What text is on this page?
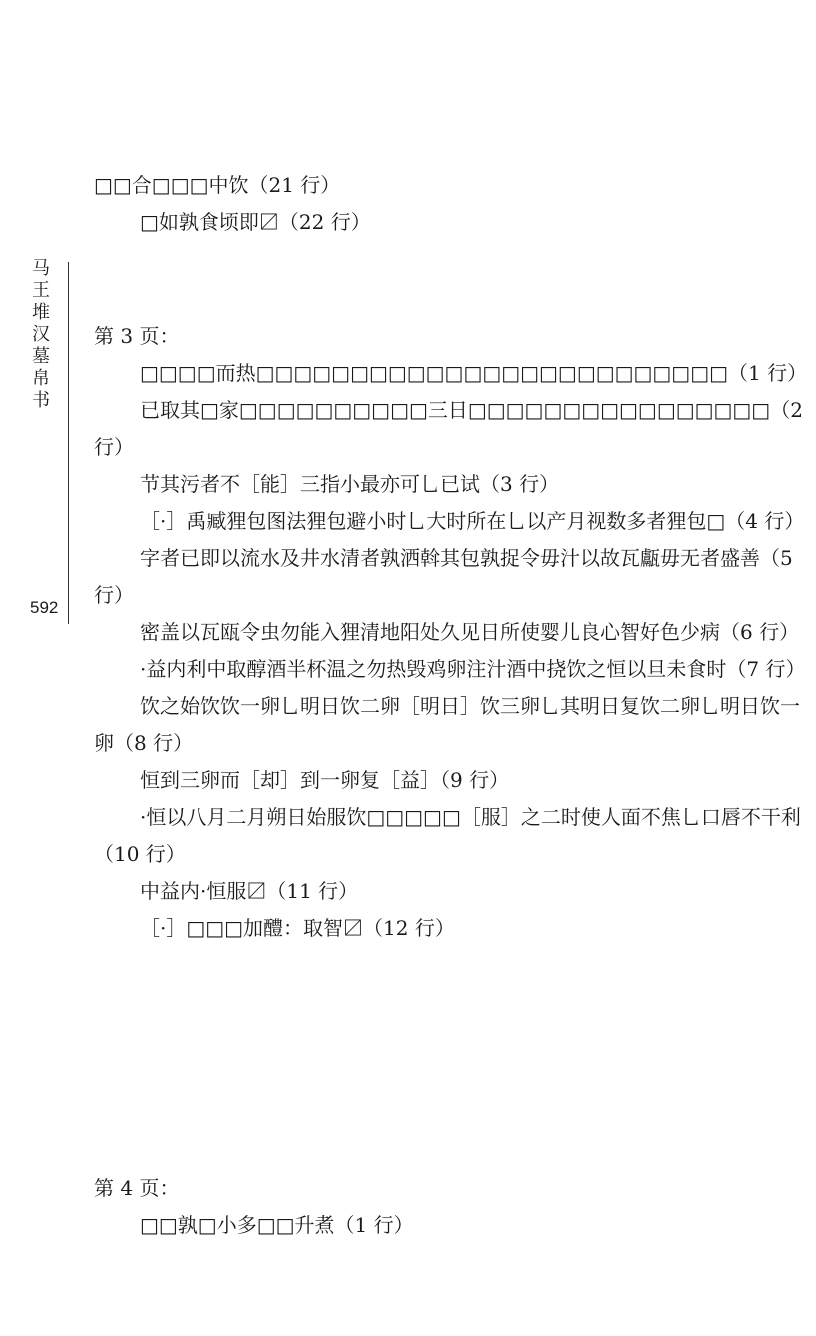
马
王
堆
汉
墓
帛
书
592

□□合□□□中饮（21 行）

□如孰食顷即〼（22 行）

第 3 页：

□□□□而热□□□□□□□□□□□□□□□□□□□□□□□□□（1 行）

已取其□家□□□□□□□□□□三日□□□□□□□□□□□□□□□□（2 行）

节其污者不［能］三指小最亦可乚已试（3 行）

［·］禹臧狸包图法狸包避小时乚大时所在乚以产月视数多者狸包□（4 行）

字者已即以流水及井水清者孰洒斡其包孰捉令毋汁以故瓦甗毋无者盛善（5 行）

密盖以瓦瓯令虫勿能入狸清地阳处久见日所使婴儿良心智好色少病（6 行）

·益内利中取醇酒半杯温之勿热毁鸡卵注汁酒中挠饮之恒以旦未食时（7 行）

饮之始饮饮一卵乚明日饮二卵［明日］饮三卵乚其明日复饮二卵乚明日饮一卵（8 行）

恒到三卵而［却］到一卵复［益］（9 行）

·恒以八月二月朔日始服饮□□□□□［服］之二时使人面不焦乚口唇不干利（10 行）

中益内·恒服〼（11 行）

［·］□□□加醴：取智〼（12 行）

第 4 页：

□□孰□小多□□升煮（1 行）
